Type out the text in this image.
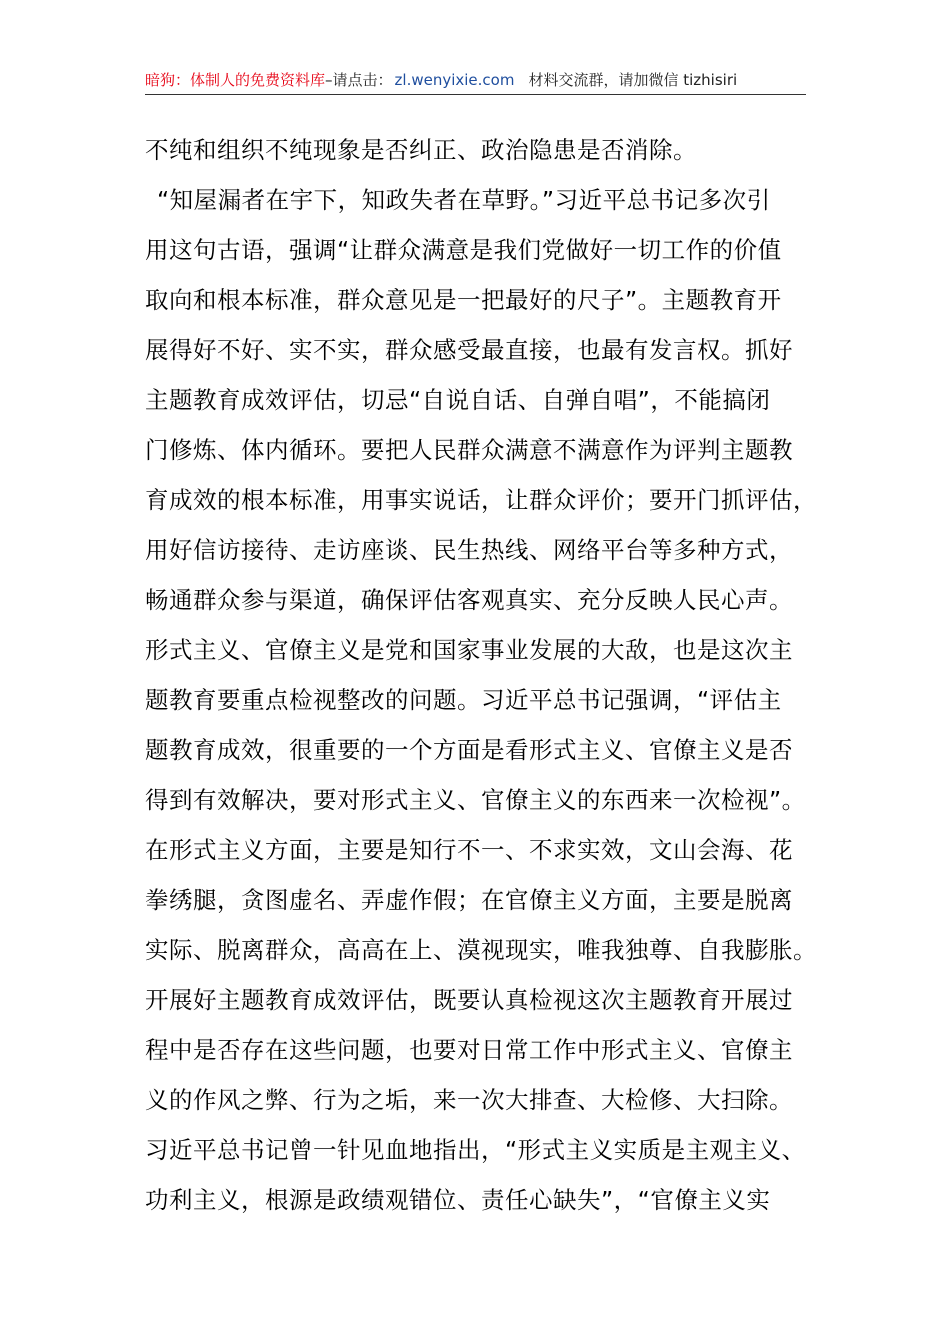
暗狗：体制人的免费资料库–请点击： zl.wenyixie.com 材料交流群，请加微信 tizhisiri
不纯和组织不纯现象是否纠正、政治隐患是否消除。
“知屋漏者在宇下，知政失者在草野。”习近平总书记多次引
用这句古语，强调“让群众满意是我们党做好一切工作的价值
取向和根本标准，群众意见是一把最好的尺子”。主题教育开
展得好不好、实不实，群众感受最直接，也最有发言权。抓好
主题教育成效评估，切忌“自说自话、自弹自唱”，不能搞闭
门修炼、体内循环。要把人民群众满意不满意作为评判主题教
育成效的根本标准，用事实说话，让群众评价；要开门抓评估，
用好信访接待、走访座谈、民生热线、网络平台等多种方式，
畅通群众参与渠道，确保评估客观真实、充分反映人民心声。
形式主义、官僚主义是党和国家事业发展的大敌，也是这次主
题教育要重点检视整改的问题。习近平总书记强调，“评估主
题教育成效，很重要的一个方面是看形式主义、官僚主义是否
得到有效解决，要对形式主义、官僚主义的东西来一次检视”。
在形式主义方面，主要是知行不一、不求实效，文山会海、花
拳绣腿，贪图虚名、弄虚作假；在官僚主义方面，主要是脱离
实际、脱离群众，高高在上、漠视现实，唯我独尊、自我膨胀。
开展好主题教育成效评估，既要认真检视这次主题教育开展过
程中是否存在这些问题，也要对日常工作中形式主义、官僚主
义的作风之弊、行为之垢，来一次大排查、大检修、大扫除。
习近平总书记曾一针见血地指出，“形式主义实质是主观主义、
功利主义，根源是政绩观错位、责任心缺失”，“官僚主义实
